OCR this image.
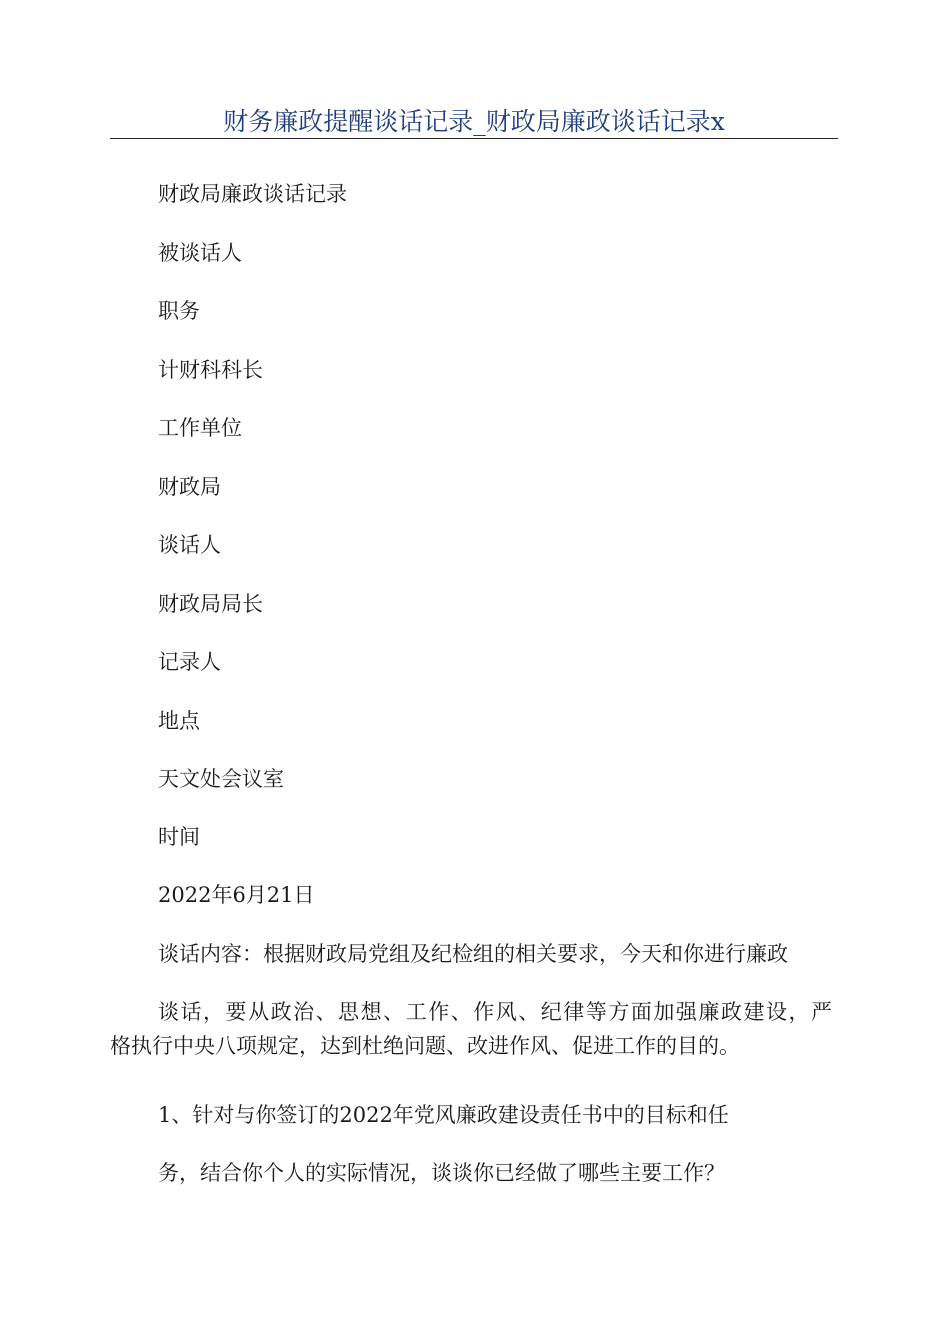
财务廉政提醒谈话记录_财政局廉政谈话记录x
财政局廉政谈话记录
被谈话人
职务
计财科科长
工作单位
财政局
谈话人
财政局局长
记录人
地点
天文处会议室
时间
2022年6月21日
谈话内容：根据财政局党组及纪检组的相关要求，今天和你进行廉政
谈话，要从政治、思想、工作、作风、纪律等方面加强廉政建设，严
格执行中央八项规定，达到杜绝问题、改进作风、促进工作的目的。
1、针对与你签订的2022年党风廉政建设责任书中的目标和任
务，结合你个人的实际情况，谈谈你已经做了哪些主要工作？
